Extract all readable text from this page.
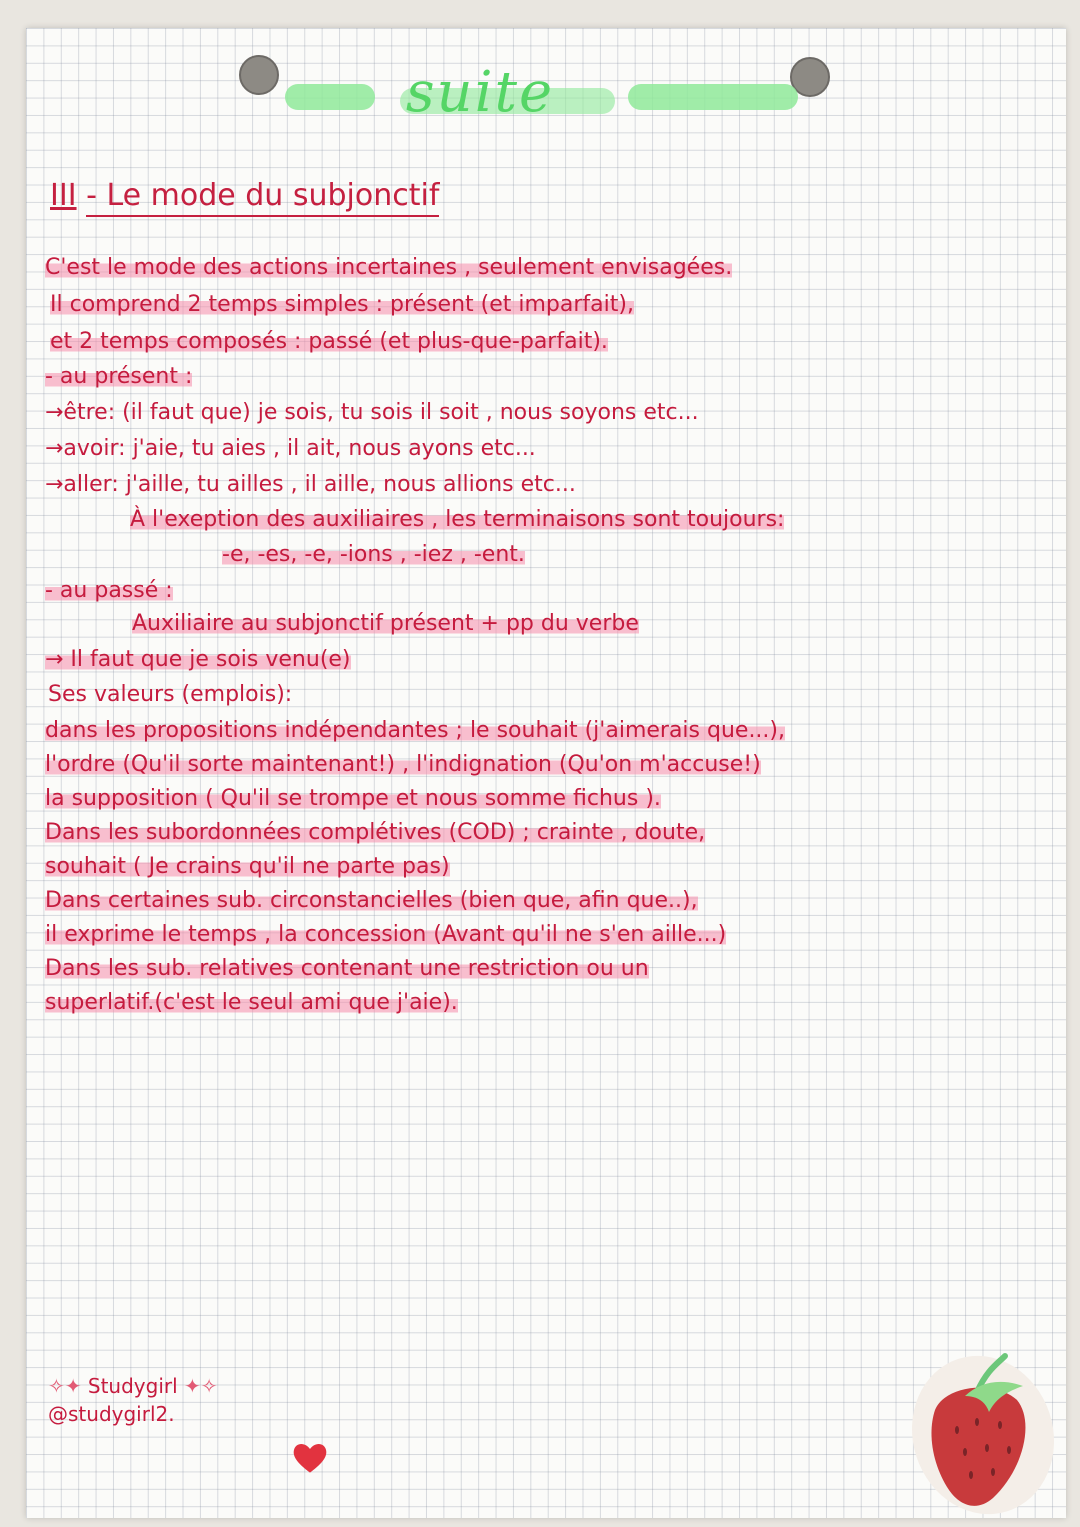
suite
III - Le mode du subjonctif
C'est le mode des actions incertaines , seulement envisagées.
Il comprend 2 temps simples : présent (et imparfait),
et 2 temps composés : passé (et plus-que-parfait).
- au présent :
→être: (il faut que) je sois, tu sois il soit , nous soyons etc...
→avoir: j'aie, tu aies , il ait, nous ayons etc...
→aller: j'aille, tu ailles , il aille, nous allions etc...
À l'exeption des auxiliaires , les terminaisons sont toujours:
-e, -es, -e, -ions , -iez , -ent.
- au passé :
Auxiliaire au subjonctif présent + pp du verbe
→ Il faut que je sois venu(e)
Ses valeurs (emplois):
dans les propositions indépendantes ; le souhait (j'aimerais que...),
l'ordre (Qu'il sorte maintenant!) , l'indignation (Qu'on m'accuse!)
la supposition ( Qu'il se trompe et nous somme fichus ).
Dans les subordonnées complétives (COD) ; crainte , doute,
souhait ( Je crains qu'il ne parte pas)
Dans certaines sub. circonstancielles (bien que, afin que..),
il exprime le temps , la concession (Avant qu'il ne s'en aille...)
Dans les sub. relatives contenant une restriction ou un
superlatif.(c'est le seul ami que j'aie).
✧✦ Studygirl ✦✧
@studygirl2.
